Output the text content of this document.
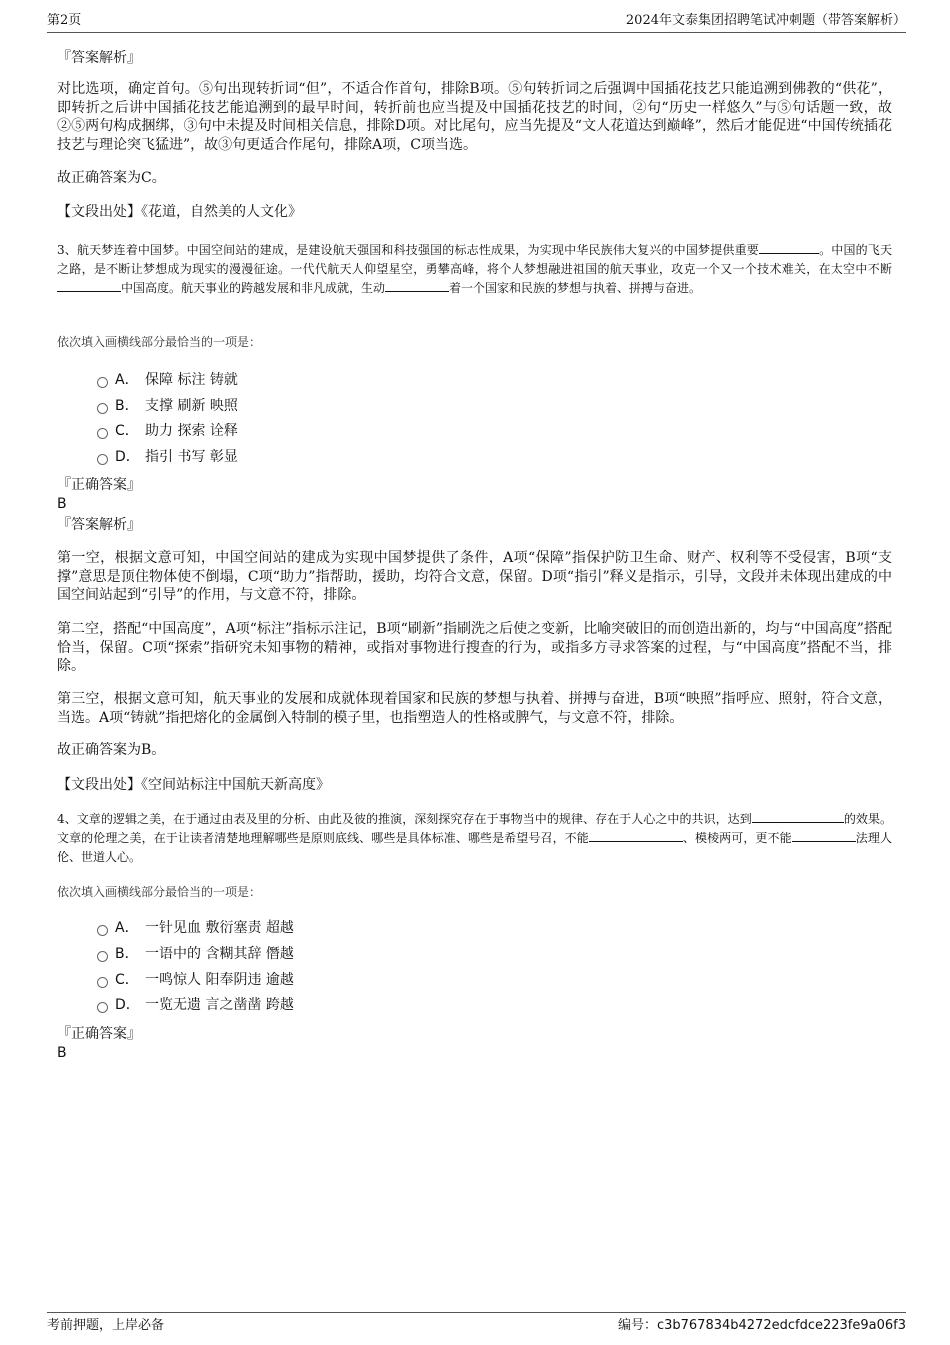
第2页	2024年文泰集团招聘笔试冲刺题（带答案解析）
『答案解析』
对比选项，确定首句。⑤句出现转折词“但”，不适合作首句，排除B项。⑤句转折词之后强调中国插花技艺只能追溯到佛教的“供花”，即转折之后讲中国插花技艺能追溯到的最早时间，转折前也应当提及中国插花技艺的时间，②句“历史一样悠久”与⑤句话题一致，故②⑤两句构成捆绑，③句中未提及时间相关信息，排除D项。对比尾句，应当先提及“文人花道达到巅峰”，然后才能促进“中国传统插花技艺与理论突飞猛进”，故③句更适合作尾句，排除A项，C项当选。
故正确答案为C。
【文段出处】《花道，自然美的人文化》
3、航天梦连着中国梦。中国空间站的建成，是建设航天强国和科技强国的标志性成果，为实现中华民族伟大复兴的中国梦提供重要	。中国的飞天之路，是不断让梦想成为现实的漫漫征途。一代代航天人仰望星空，勇攀高峰，将个人梦想融进祖国的航天事业，攻克一个又一个技术难关，在太空中不断中国高度。航天事业的跨越发展和非凡成就，生动	着一个国家和民族的梦想与执着、拼搏与奋进。
依次填入画横线部分最恰当的一项是：
A． 保障 标注 铸就
B． 支撑 刷新 映照
C． 助力 探索 诠释
D． 指引 书写 彰显
『正确答案』
B
『答案解析』
第一空，根据文意可知，中国空间站的建成为实现中国梦提供了条件，A项“保障”指保护防卫生命、财产、权利等不受侵害，B项“支撑”意思是顶住物体使不倒塌，C项“助力”指帮助，援助，均符合文意，保留。D项“指引”释义是指示，引导，文段并未体现出建成的中国空间站起到“引导”的作用，与文意不符，排除。
第二空，搭配“中国高度”，A项“标注”指标示注记，B项“刷新”指刷洗之后使之变新，比喻突破旧的而创造出新的，均与“中国高度”搭配恰当，保留。C项“探索”指研究未知事物的精神，或指对事物进行搜查的行为，或指多方寻求答案的过程，与“中国高度”搭配不当，排除。
第三空，根据文意可知，航天事业的发展和成就体现着国家和民族的梦想与执着、拼搏与奋进，B项“映照”指呼应、照射，符合文意，当选。A项“铸就”指把熔化的金属倒入特制的模子里，也指塑造人的性格或脾气，与文意不符，排除。
故正确答案为B。
【文段出处】《空间站标注中国航天新高度》
4、文章的逻辑之美，在于通过由表及里的分析、由此及彼的推演，深刻探究存在于事物当中的规律、存在于人心之中的共识，达到	的效果。文章的伦理之美，在于让读者清楚地理解哪些是原则底线、哪些是具体标准、哪些是希望号召，不能	、模棱两可，更不能	法理人伦、世道人心。
依次填入画横线部分最恰当的一项是：
A． 一针见血 敷衍塞责 超越
B． 一语中的 含糊其辞 僭越
C． 一鸣惊人 阳奉阴违 逾越
D． 一览无遗 言之凿凿 跨越
『正确答案』
B
考前押题，上岸必备	编号：c3b767834b4272edcfdce223fe9a06f3
